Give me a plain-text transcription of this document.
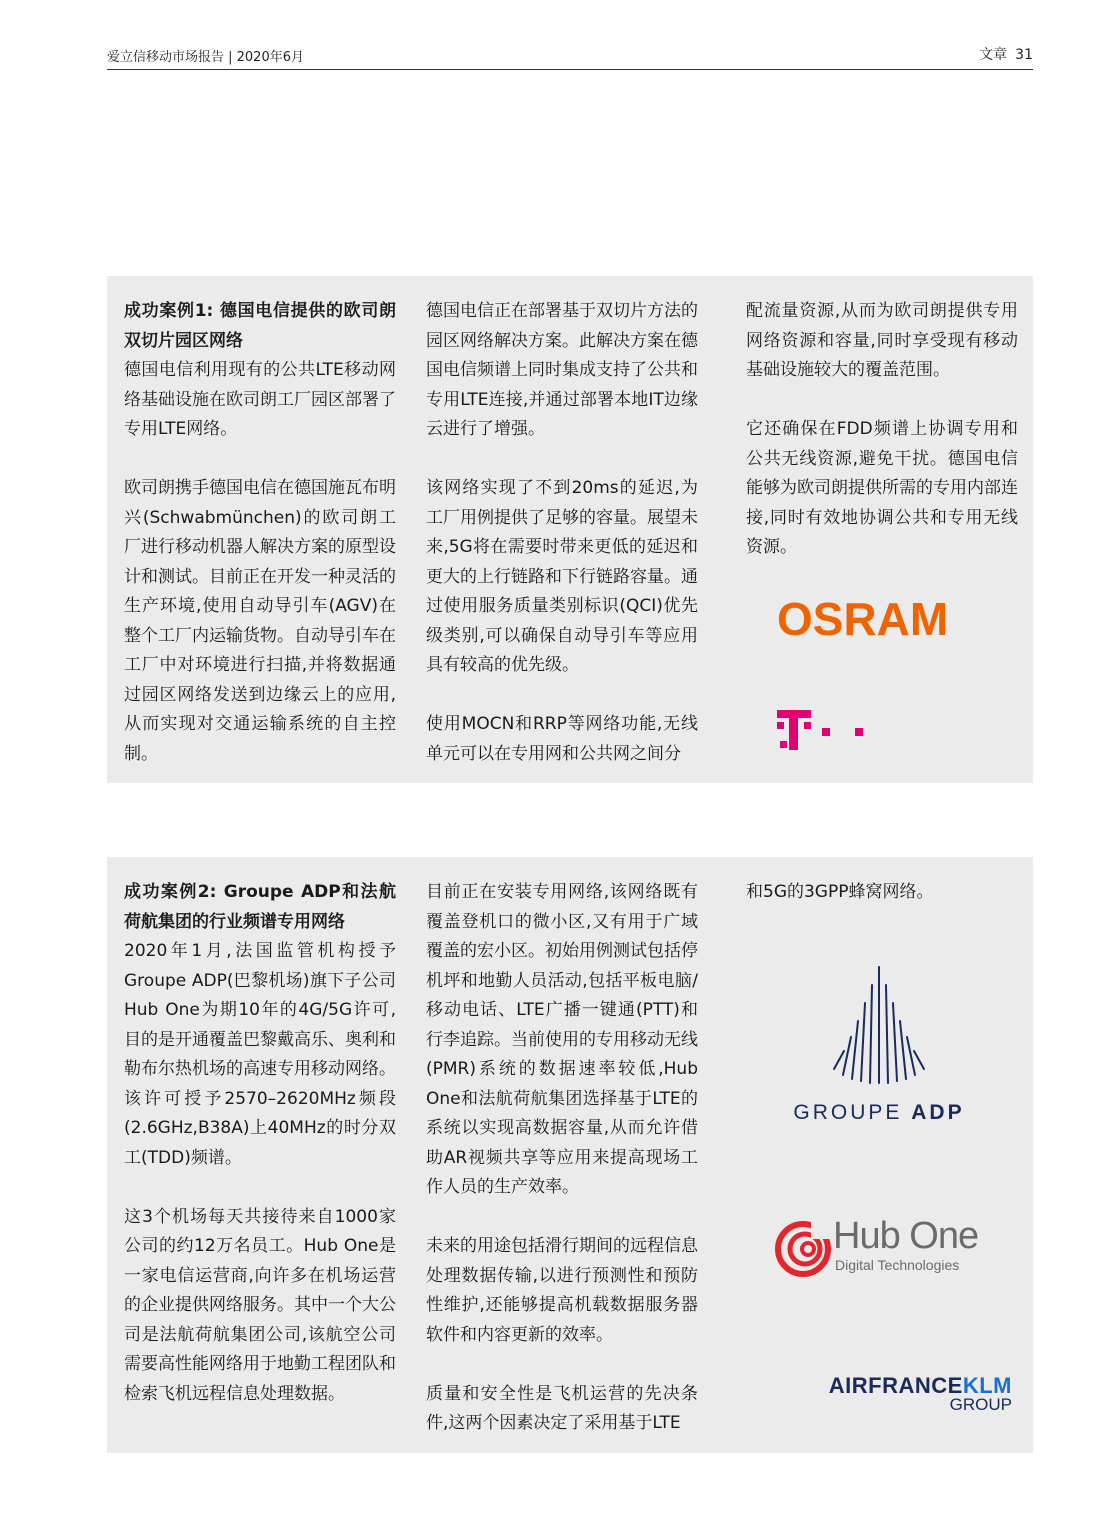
爱立信移动市场报告 | 2020年6月	文章 31

成功案例1: 德国电信提供的欧司朗双切片园区网络
德国电信利用现有的公共LTE移动网络基础设施在欧司朗工厂园区部署了专用LTE网络。

欧司朗携手德国电信在德国施瓦布明兴(Schwabmünchen)的欧司朗工厂进行移动机器人解决方案的原型设计和测试。目前正在开发一种灵活的生产环境,使用自动导引车(AGV)在整个工厂内运输货物。自动导引车在工厂中对环境进行扫描,并将数据通过园区网络发送到边缘云上的应用,从而实现对交通运输系统的自主控制。

德国电信正在部署基于双切片方法的园区网络解决方案。此解决方案在德国电信频谱上同时集成支持了公共和专用LTE连接,并通过部署本地IT边缘云进行了增强。

该网络实现了不到20ms的延迟,为工厂用例提供了足够的容量。展望未来,5G将在需要时带来更低的延迟和更大的上行链路和下行链路容量。通过使用服务质量类别标识(QCI)优先级类别,可以确保自动导引车等应用具有较高的优先级。

使用MOCN和RRP等网络功能,无线单元可以在专用网和公共网之间分

配流量资源,从而为欧司朗提供专用网络资源和容量,同时享受现有移动基础设施较大的覆盖范围。

它还确保在FDD频谱上协调专用和公共无线资源,避免干扰。德国电信能够为欧司朗提供所需的专用内部连接,同时有效地协调公共和专用无线资源。

OSRAM

成功案例2: Groupe ADP和法航荷航集团的行业频谱专用网络
2020年1月,法国监管机构授予Groupe ADP(巴黎机场)旗下子公司Hub One为期10年的4G/5G许可,目的是开通覆盖巴黎戴高乐、奥利和勒布尔热机场的高速专用移动网络。该许可授予2570–2620MHz频段(2.6GHz,B38A)上40MHz的时分双工(TDD)频谱。

这3个机场每天共接待来自1000家公司的约12万名员工。Hub One是一家电信运营商,向许多在机场运营的企业提供网络服务。其中一个大公司是法航荷航集团公司,该航空公司需要高性能网络用于地勤工程团队和检索飞机远程信息处理数据。

目前正在安装专用网络,该网络既有覆盖登机口的微小区,又有用于广域覆盖的宏小区。初始用例测试包括停机坪和地勤人员活动,包括平板电脑/移动电话、LTE广播一键通(PTT)和行李追踪。当前使用的专用移动无线(PMR)系统的数据速率较低,Hub One和法航荷航集团选择基于LTE的系统以实现高数据容量,从而允许借助AR视频共享等应用来提高现场工作人员的生产效率。

未来的用途包括滑行期间的远程信息处理数据传输,以进行预测性和预防性维护,还能够提高机载数据服务器软件和内容更新的效率。

质量和安全性是飞机运营的先决条件,这两个因素决定了采用基于LTE

和5G的3GPP蜂窝网络。

GROUPE ADP
Hub One
Digital Technologies
AIRFRANCEKLM
GROUP
